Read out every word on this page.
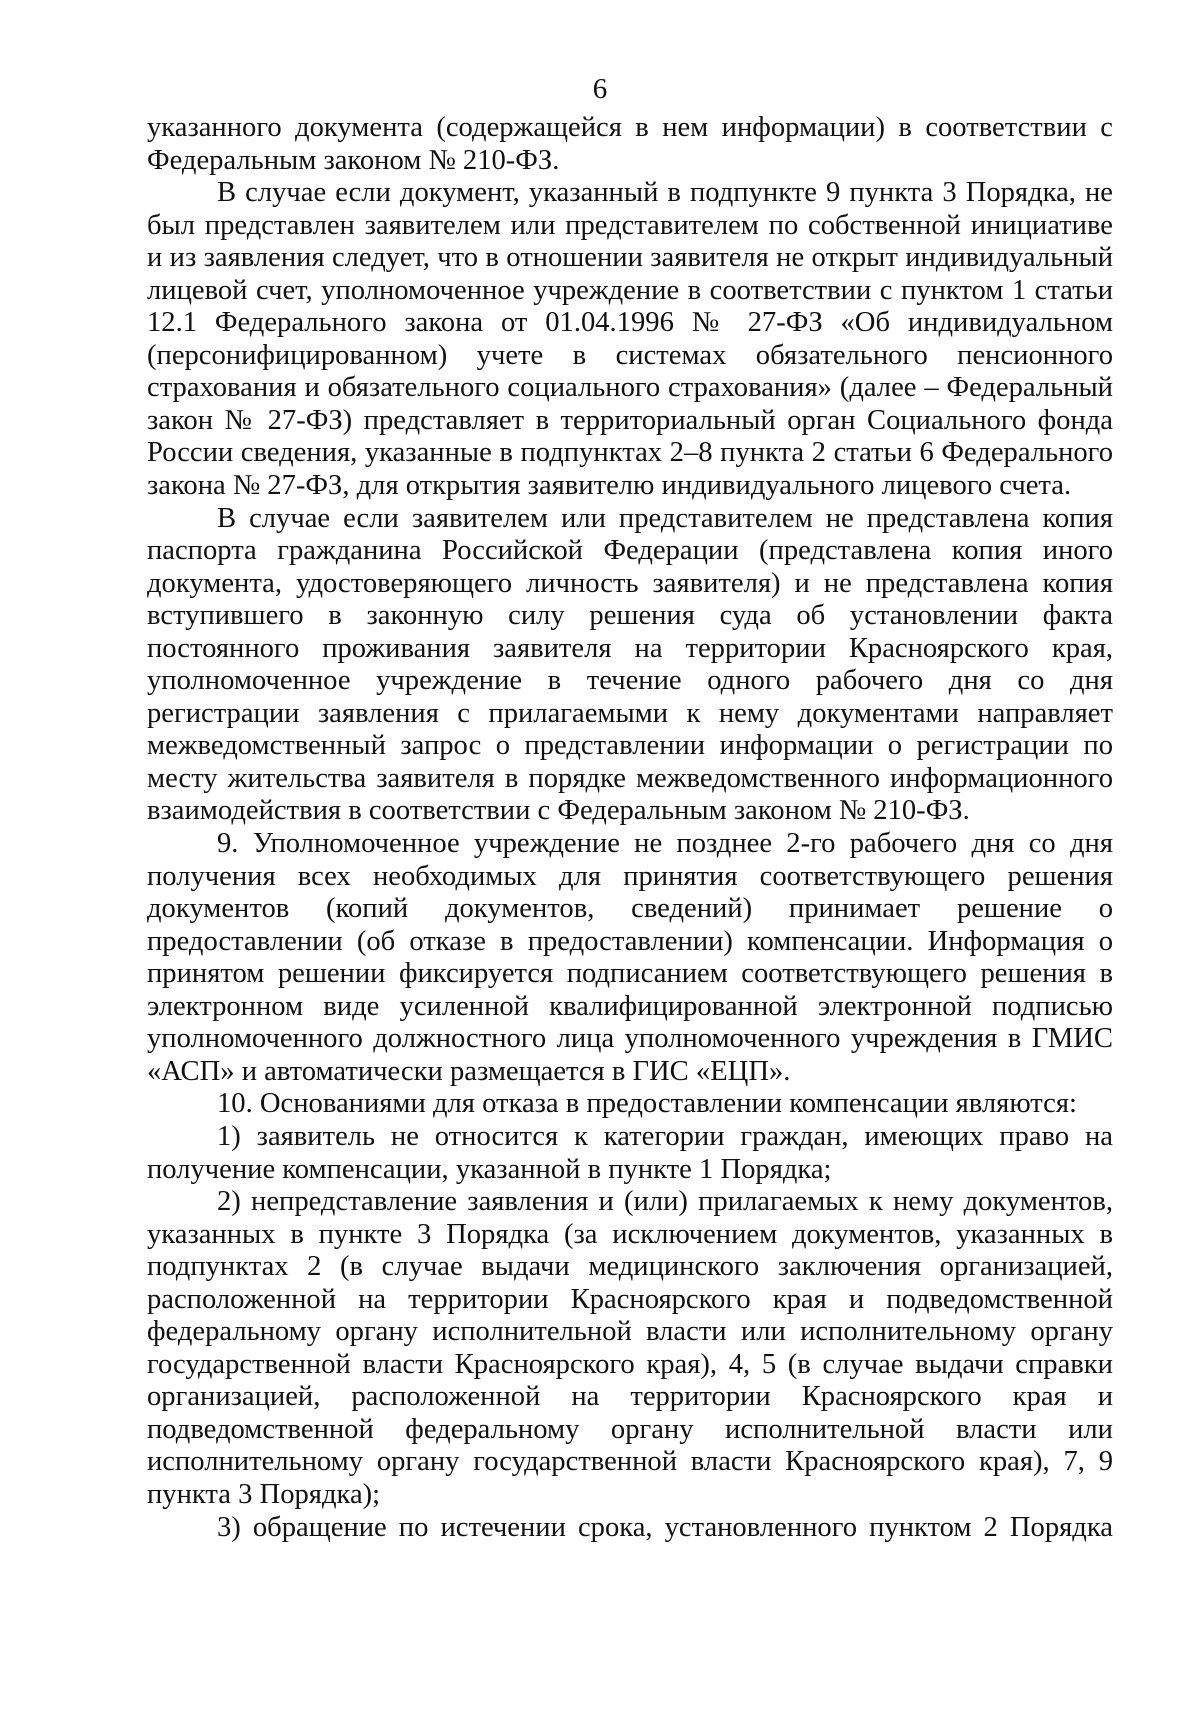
6

указанного документа (содержащейся в нем информации) в соответствии с Федеральным законом № 210-ФЗ.

В случае если документ, указанный в подпункте 9 пункта 3 Порядка, не был представлен заявителем или представителем по собственной инициативе и из заявления следует, что в отношении заявителя не открыт индивидуальный лицевой счет, уполномоченное учреждение в соответствии с пунктом 1 статьи 12.1 Федерального закона от 01.04.1996 № 27-ФЗ «Об индивидуальном (персонифицированном) учете в системах обязательного пенсионного страхования и обязательного социального страхования» (далее – Федеральный закон № 27-ФЗ) представляет в территориальный орган Социального фонда России сведения, указанные в подпунктах 2–8 пункта 2 статьи 6 Федерального закона № 27-ФЗ, для открытия заявителю индивидуального лицевого счета.

В случае если заявителем или представителем не представлена копия паспорта гражданина Российской Федерации (представлена копия иного документа, удостоверяющего личность заявителя) и не представлена копия вступившего в законную силу решения суда об установлении факта постоянного проживания заявителя на территории Красноярского края, уполномоченное учреждение в течение одного рабочего дня со дня регистрации заявления с прилагаемыми к нему документами направляет межведомственный запрос о представлении информации о регистрации по месту жительства заявителя в порядке межведомственного информационного взаимодействия в соответствии с Федеральным законом № 210-ФЗ.

9. Уполномоченное учреждение не позднее 2-го рабочего дня со дня получения всех необходимых для принятия соответствующего решения документов (копий документов, сведений) принимает решение о предоставлении (об отказе в предоставлении) компенсации. Информация о принятом решении фиксируется подписанием соответствующего решения в электронном виде усиленной квалифицированной электронной подписью уполномоченного должностного лица уполномоченного учреждения в ГМИС «АСП» и автоматически размещается в ГИС «ЕЦП».

10. Основаниями для отказа в предоставлении компенсации являются:

1) заявитель не относится к категории граждан, имеющих право на получение компенсации, указанной в пункте 1 Порядка;

2) непредставление заявления и (или) прилагаемых к нему документов, указанных в пункте 3 Порядка (за исключением документов, указанных в подпунктах 2 (в случае выдачи медицинского заключения организацией, расположенной на территории Красноярского края и подведомственной федеральному органу исполнительной власти или исполнительному органу государственной власти Красноярского края), 4, 5 (в случае выдачи справки организацией, расположенной на территории Красноярского края и подведомственной федеральному органу исполнительной власти или исполнительному органу государственной власти Красноярского края), 7, 9 пункта 3 Порядка);

3) обращение по истечении срока, установленного пунктом 2 Порядка
